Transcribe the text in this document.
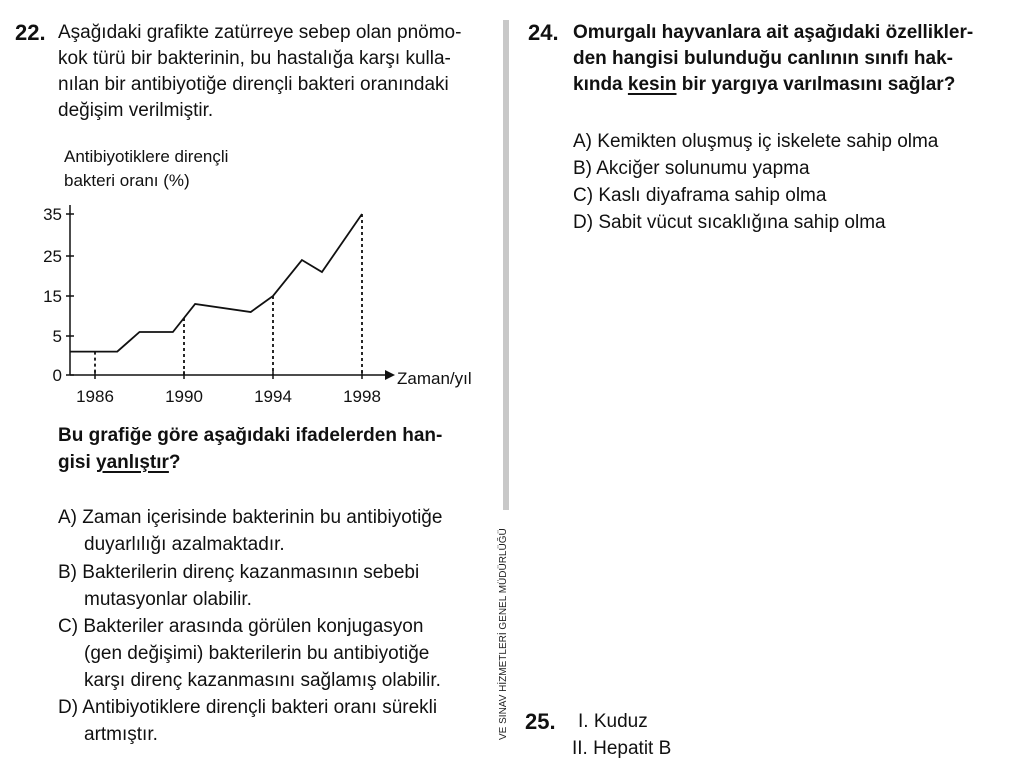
22. Aşağıdaki grafikte zatürreye sebep olan pnömo-
kok türü bir bakterinin, bu hastalığa karşı kulla-
nılan bir antibiyotiğe dirençli bakteri oranındaki
değişim verilmiştir.
Antibiyotiklere dirençli
bakteri oranı (%)
Zaman/yıl
0
5
15
25
35
1986	1990	1994	1998
Bu grafiğe göre aşağıdaki ifadelerden han-
gisi yanlıştır?
A) Zaman içerisinde bakterinin bu antibiyotiğe
duyarlılığı azalmaktadır.
B) Bakterilerin direnç kazanmasının sebebi
mutasyonlar olabilir.
C) Bakteriler arasında görülen konjugasyon
(gen değişimi) bakterilerin bu antibiyotiğe
karşı direnç kazanmasını sağlamış olabilir.
D) Antibiyotiklere dirençli bakteri oranı sürekli
artmıştır.	VE SINAV HİZMETLERİ GENEL MÜDÜRLÜĞÜ
24. Omurgalı hayvanlara ait aşağıdaki özellikler-
den hangisi bulunduğu canlının sınıfı hak-
kında kesin bir yargıya varılmasını sağlar?
A) Kemikten oluşmuş iç iskelete sahip olma
B) Akciğer solunumu yapma
C) Kaslı diyaframa sahip olma
D) Sabit vücut sıcaklığına sahip olma
25. I. Kuduz
II. Hepatit B
